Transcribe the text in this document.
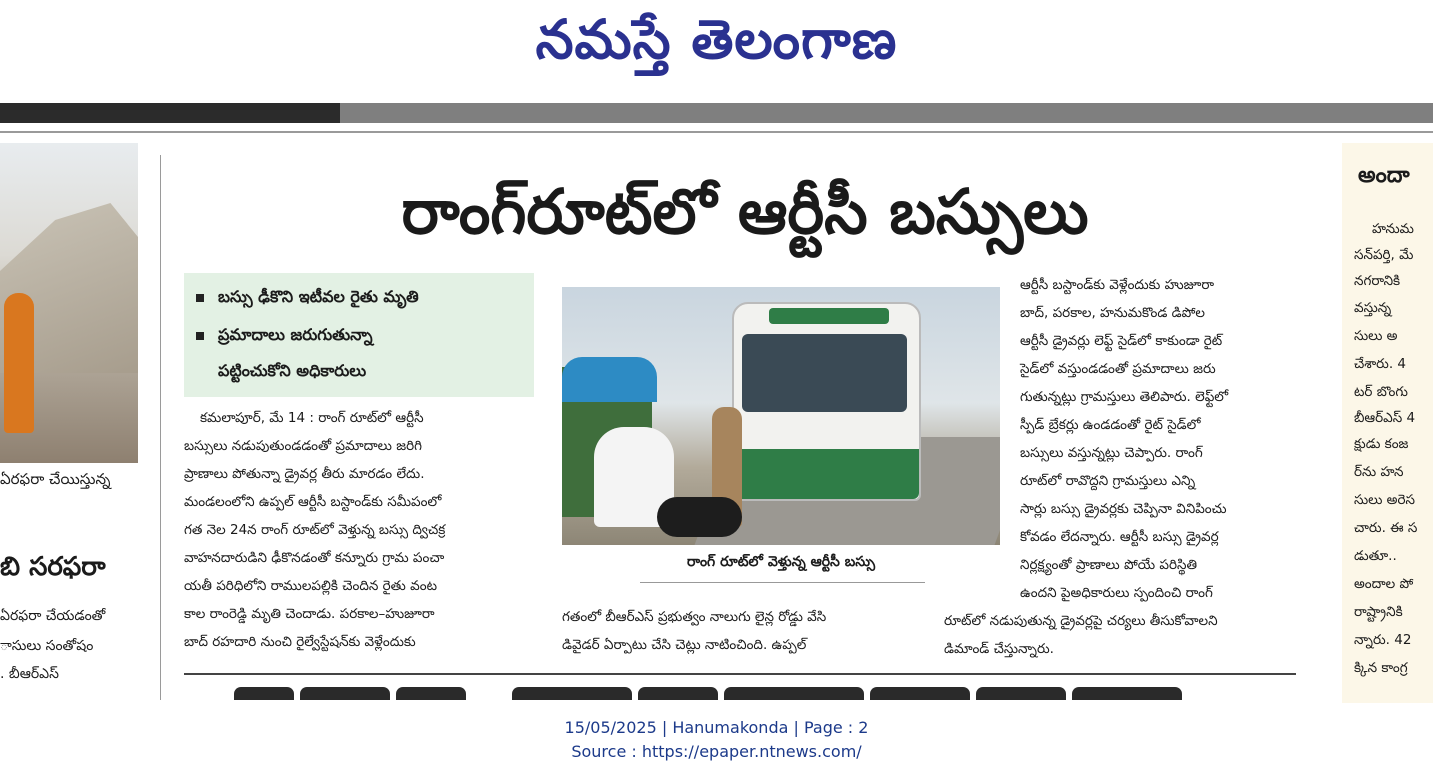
నమస్తే తెలంగాణ
ఏరఫరా చేయిస్తున్న
బి సరఫరా
ఏరఫరా చేయడంతో
ాసులు సంతోషం
. బీఆర్ఎస్
రాంగ్‌రూట్‌లో ఆర్టీసీ బస్సులు
బస్సు ఢీకొని ఇటీవల రైతు మృతి
ప్రమాదాలు జరుగుతున్నా
పట్టించుకోని అధికారులు

కమలాపూర్, మే 14 : రాంగ్ రూట్‌లో ఆర్టీసీ

బస్సులు నడుపుతుండడంతో ప్రమాదాలు జరిగి

ప్రాణాలు పోతున్నా డ్రైవర్ల తీరు మారడం లేదు.

మండలంలోని ఉప్పల్ ఆర్టీసీ బస్టాండ్‌కు సమీపంలో

గత నెల 24న రాంగ్ రూట్‌లో వెళ్తున్న బస్సు ద్విచక్ర

వాహనదారుడిని ఢీకొనడంతో కన్నూరు గ్రామ పంచా

యతీ పరిధిలోని రాములపల్లికి చెందిన రైతు వంట

కాల రాంరెడ్డి మృతి చెందాడు. పరకాల–హుజూరా

బాద్ రహదారి నుంచి రైల్వేస్టేషన్‌కు వెళ్లేందుకు

రాంగ్ రూట్‌లో వెళ్తున్న ఆర్టీసీ బస్సు

గతంలో బీఆర్ఎస్ ప్రభుత్వం నాలుగు లైన్ల రోడ్డు వేసి

డివైడర్ ఏర్పాటు చేసి చెట్లు నాటించింది. ఉప్పల్

ఆర్టీసీ బస్టాండ్‌కు వెళ్లేందుకు హుజూరా

బాద్, పరకాల, హనుమకొండ డిపోల

ఆర్టీసీ డ్రైవర్లు లెఫ్ట్ సైడ్‌లో కాకుండా రైట్

సైడ్‌లో వస్తుండడంతో ప్రమాదాలు జరు

గుతున్నట్లు గ్రామస్తులు తెలిపారు. లెఫ్ట్‌లో

స్పీడ్ బ్రేకర్లు ఉండడంతో రైట్ సైడ్‌లో

బస్సులు వస్తున్నట్లు చెప్పారు. రాంగ్

రూట్‌లో రావొద్దని గ్రామస్తులు ఎన్ని

సార్లు బస్సు డ్రైవర్లకు చెప్పినా వినిపించు

కోవడం లేదన్నారు. ఆర్టీసీ బస్సు డ్రైవర్ల

నిర్లక్ష్యంతో ప్రాణాలు పోయే పరిస్థితి

ఉందని పైఅధికారులు స్పందించి రాంగ్

రూట్‌లో నడుపుతున్న డ్రైవర్లపై చర్యలు తీసుకోవాలని

డిమాండ్ చేస్తున్నారు.

అందా
హనుమ
సన్‌పర్తి, మే
నగరానికి
వస్తున్న
సులు అ
చేశారు. 4
టర్ బొంగు
బీఆర్ఎస్ 4
క్షుడు కంజ
ర్‌ను హన
సులు అరెస
చారు. ఈ స
డుతూ..
అందాల పో
రాష్ట్రానికి
న్నారు. 42
క్కిన కాంగ్ర
15/05/2025 | Hanumakonda | Page : 2
Source : https://epaper.ntnews.com/
